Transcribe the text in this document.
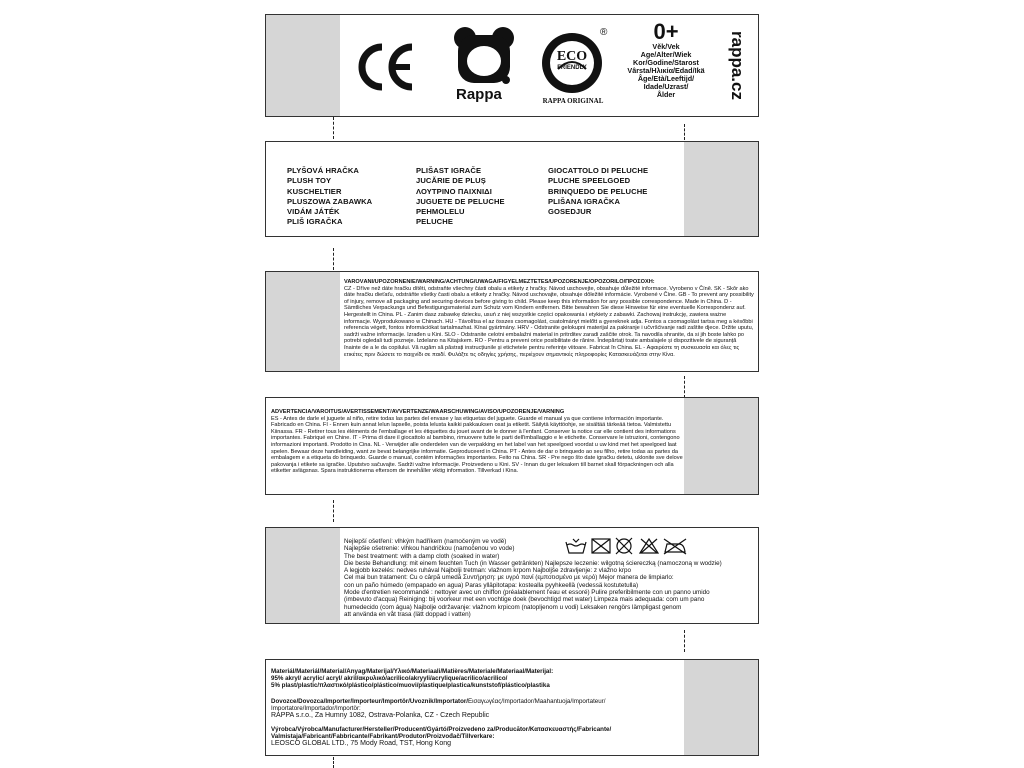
Rappa
ECO
FRIENDLY
®
RAPPA ORIGINAL
0+
Věk/Vek
Age/Alter/Wiek
Kor/Godine/Starost
Vârsta/Ηλικία/Edad/Ikä
Âge/Età/Leeftijd/
Idade/Uzrast/
Ålder	rappa.cz
PLYŠOVÁ HRAČKA
PLUSH TOY
KUSCHELTIER
PLUSZOWA ZABAWKA
VIDÁM JÁTÉK
PLIŠ IGRAČKA
PLIŠAST IGRAČE
JUCĂRIE DE PLUȘ
ΛΟΥΤΡΙΝΟ ΠΑΙΧΝΙΔΙ
JUGUETE DE PELUCHE
PEHMOLELU
PELUCHE
GIOCATTOLO DI PELUCHE
PLUCHE SPEELGOED
BRINQUEDO DE PELUCHE
PLIŠANA IGRAČKA
GOSEDJUR
VAROVÁNÍ/UPOZORNENIE/WARNING/ACHTUNG/UWAGA/FIGYELMEZTETÉS/UPOZORENJE/OPOZORILO/ΠΡΟΣΟΧΗ:
CZ - Dříve než dáte hračku dítěti, odstraňte všechny části obalu a etikety z hračky. Návod uschovejte, obsahuje důležité informace. Vyrobeno v Číně. SK - Skôr ako dáte hračku dieťaťu, odstráňte všetky časti obalu a etikety z hračky. Návod uschovajte, obsahuje dôležité informácie. Vyrobené v Číne. GB - To prevent any possibility of injury, remove all packaging and securing devices before giving to child. Please keep this information for any possible correspondence. Made in China. D - Sämtliches Verpackungs und Befestigungsmaterial zum Schutz vom Kindern entfernen. Bitte bewahren Sie diese Hinweise für eine eventuelle Korrespondenz auf. Hergestellt in China. PL - Zanim dasz zabawkę dziecku, usuń z niej wszystkie części opakowania i etykiety z zabawki. Zachowaj instrukcję, zawiera ważne informacje. Wyprodukowano w Chinach. HU - Távolítsa el az összes csomagolást, csatolmányt mielőtt a gyereknek adja. Fontos a csomagolást tartsa meg a későbbi referencia végett, fontos információkat tartalmazhat. Kínai gyártmány. HRV - Odstranite gelokupni materijal za pakiranje i učvršćivanje radi zaštite djece. Držite uputu, sadrži važne informacije. Izrađen u Kini. SLO - Odstranite celotni embalažni material in pritrditev zaradi zaščite otrok. Ta navodila shranite, da si jih boste lahko po potrebi ogledali tudi pozneje. Izdelano na Kitajskem. RO - Pentru a preveni orice posibilitate de rănire. Îndepărtați toate ambalajele și dispozitivele de siguranță înainte de a le da copilului. Vă rugăm să păstrați instrucțiunile și etichetele pentru referințe viitoare. Fabricat în China. EL - Αφαιρέστε τη συσκευασία και όλες τις ετικέτες πριν δώσετε το παιχνίδι σε παιδί. Φυλάξτε τις οδηγίες χρήσης, περιέχουν σημαντικές πληροφορίες Κατασκευάζεται στην Κίνα.
ADVERTENCIA/VAROITUS/AVERTISSEMENT/AVVERTENZE/WAARSCHUWING/AVISO/UPOZORENJE/VARNING
ES - Antes de darle el juguete al niño, retire todas las partes del envase y las etiquetas del juguete. Guarde el manual ya que contiene información importante. Fabricado en China. FI - Ennen kuin annat lelun lapselle, poista lelusta kaikki pakkauksen osat ja etiketit. Säilytä käyttöohje, se sisältää tärkeää tietoa. Valmistettu Kiinassa. FR - Retirer tous les éléments de l'emballage et les étiquettes du jouet avant de le donner à l'enfant. Conserver la notice car elle contient des informations importantes. Fabriqué en Chine. IT - Prima di dare il giocattolo al bambino, rimuovere tutte le parti dell'imballaggio e le etichette. Conservare le istruzioni, contengono informazioni importanti. Prodotto in Cina. NL - Verwijder alle onderdelen van de verpakking en het label van het speelgoed voordat u uw kind met het speelgoed laat spelen. Bewaar deze handleiding, want ze bevat belangrijke informatie. Geproduceerd in China. PT - Antes de dar o brinquedo ao seu filho, retire todas as partes da embalagem e a etiqueta do brinquedo. Guarde o manual, contém informações importantes. Feito na China. SR - Pre nego što date igračku detetu, uklonite sve delove pakovanja i etikete sa igračke. Uputstvo sačuvajte. Sadrži važne informacije. Proizvedeno u Kini. SV - Innan du ger leksaken till barnet skall förpackningen och alla etiketter avlägsnas. Spara instruktionerna eftersom de innehåller viktig information. Tillverkad i Kina.
Nejlepší ošetření: vlhkým hadříkem (namočeným ve vodě)
Najlepšie ošetrenie: vlhkou handričkou (namočenou vo vode)
The best treatment: with a damp cloth (soaked in water)
Die beste Behandlung: mit einem feuchten Tuch (in Wasser getränkten) Najlepsze leczenie: wilgotną ściereczką (namoczoną w wodzie)
A legjobb kezelés: nedves ruhával Najbolji tretman: vlažnom krpom Najboljše zdravljenje: z vlažno krpo
Cel mai bun tratament: Cu o cârpă umedă Συντήρηση: με υγρό πανί (εμποτισμένο με νερό) Mejor manera de limpiarlo:
con un paño húmedo (empapado en agua) Paras ylläpitotapa: kostealla pyyhkeellä (vedessä kostutetulla)
Mode d'entretien recommandé : nettoyer avec un chiffon (préalablement l'eau et essoré) Pulire preferibilmente con un panno umido
(imbevuto d'acqua) Reiniging: bij voorkeur met een vochtige doek (bevochtigd met water) Limpeza mais adequada: com um pano
humedecido (com água) Najbolje održavanje: vlažnom krpicom (natopljenom u vodi) Leksaken rengörs lämpligast genom
att använda en våt trasa (lätt doppad i vatten)
Materiál/Materiál/Material/Anyag/Materijal/Υλικό/Materiaali/Matières/Materiale/Materiaal/Materijal:
95% akryl/ acrylic/ acryl/ akril/ακρυλικό/acrilico/akryyli/acrylique/acrilico/acrilico/
5% plast/plastic/πλαστικό/plástico/plástico/muovi/plastique/plastica/kunststof/plástico/plastika
Dovozce/Dovozca/Importer/Importeur/Importör/Uvoznik/Importator/Εισαγωγέας/Importador/Maahantuoja/Importateur/
Importatore/Importador/Importör:
RAPPA s.r.o., Za Humny 1082, Ostrava-Polanka, CZ - Czech Republic
Výrobca/Výrobca/Manufacturer/Hersteller/Producent/Gyártó/Proizvedeno za/Producător/Κατασκευαστής/Fabricante/
Valmistaja/Fabricant/Fabbricante/Fabrikant/Produtor/Proizvođač/Tillverkare:
LEOSCO GLOBAL LTD., 75 Mody Road, TST, Hong Kong
